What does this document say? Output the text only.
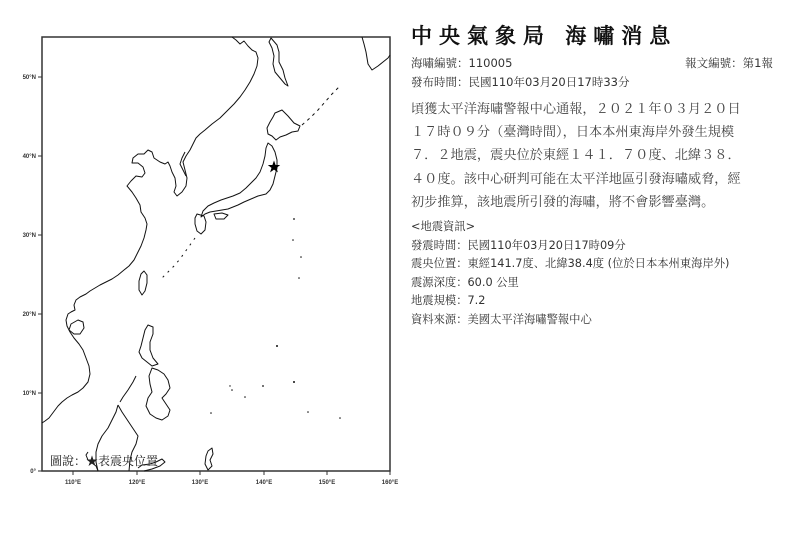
50°N
40°N
30°N
20°N
10°N
0°
110°E	120°E	130°E	140°E	150°E	160°E
圖說：★表震央位置
中央氣象局 海嘯消息
海嘯編號：110005	報文編號：第1報
發布時間： 民國110年03月20日17時33分
頃獲太平洋海嘯警報中心通報，２０２１年０３月２０日
１７時０９分（臺灣時間），日本本州東海岸外發生規模
７．２地震，震央位於東經１４１．７０度、北緯３８．
４０度。該中心研判可能在太平洋地區引發海嘯威脅，經
初步推算，該地震所引發的海嘯，將不會影響臺灣。
<地震資訊>
發震時間：民國110年03月20日17時09分
震央位置：東經141.7度、北緯38.4度 (位於日本本州東海岸外)
震源深度：60.0 公里
地震規模：7.2
資料來源：美國太平洋海嘯警報中心
